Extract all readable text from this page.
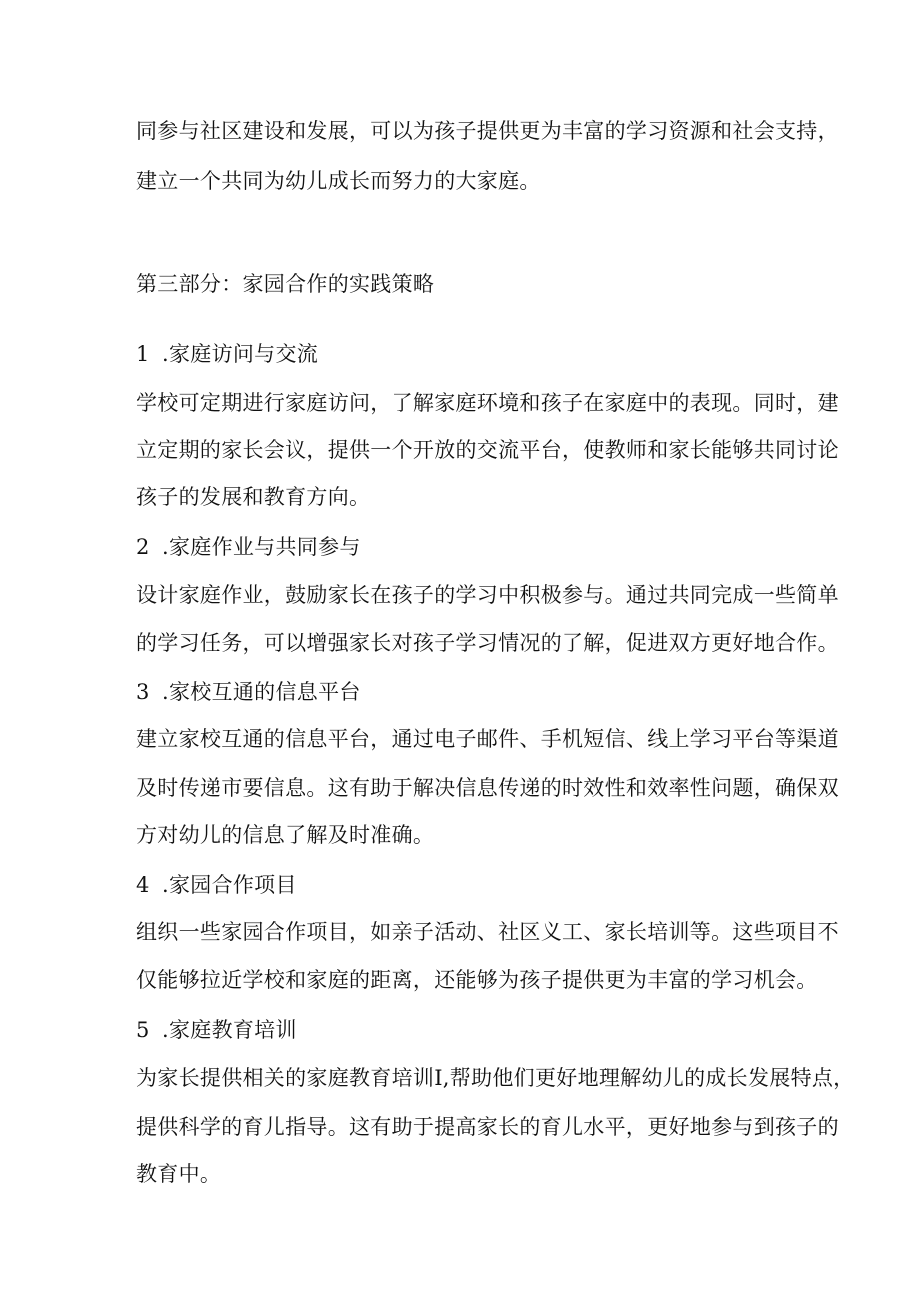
同参与社区建设和发展，可以为孩子提供更为丰富的学习资源和社会支持，
建立一个共同为幼儿成长而努力的大家庭。
第三部分：家园合作的实践策略
1 .家庭访问与交流
学校可定期进行家庭访问，了解家庭环境和孩子在家庭中的表现。同时，建
立定期的家长会议，提供一个开放的交流平台，使教师和家长能够共同讨论
孩子的发展和教育方向。
2 .家庭作业与共同参与
设计家庭作业，鼓励家长在孩子的学习中积极参与。通过共同完成一些简单
的学习任务，可以增强家长对孩子学习情况的了解，促进双方更好地合作。
3 .家校互通的信息平台
建立家校互通的信息平台，通过电子邮件、手机短信、线上学习平台等渠道
及时传递市要信息。这有助于解决信息传递的时效性和效率性问题，确保双
方对幼儿的信息了解及时准确。
4 .家园合作项目
组织一些家园合作项目，如亲子活动、社区义工、家长培训等。这些项目不
仅能够拉近学校和家庭的距离，还能够为孩子提供更为丰富的学习机会。
5 .家庭教育培训
为家长提供相关的家庭教育培训I,帮助他们更好地理解幼儿的成长发展特点，
提供科学的育儿指导。这有助于提高家长的育儿水平，更好地参与到孩子的
教育中。
